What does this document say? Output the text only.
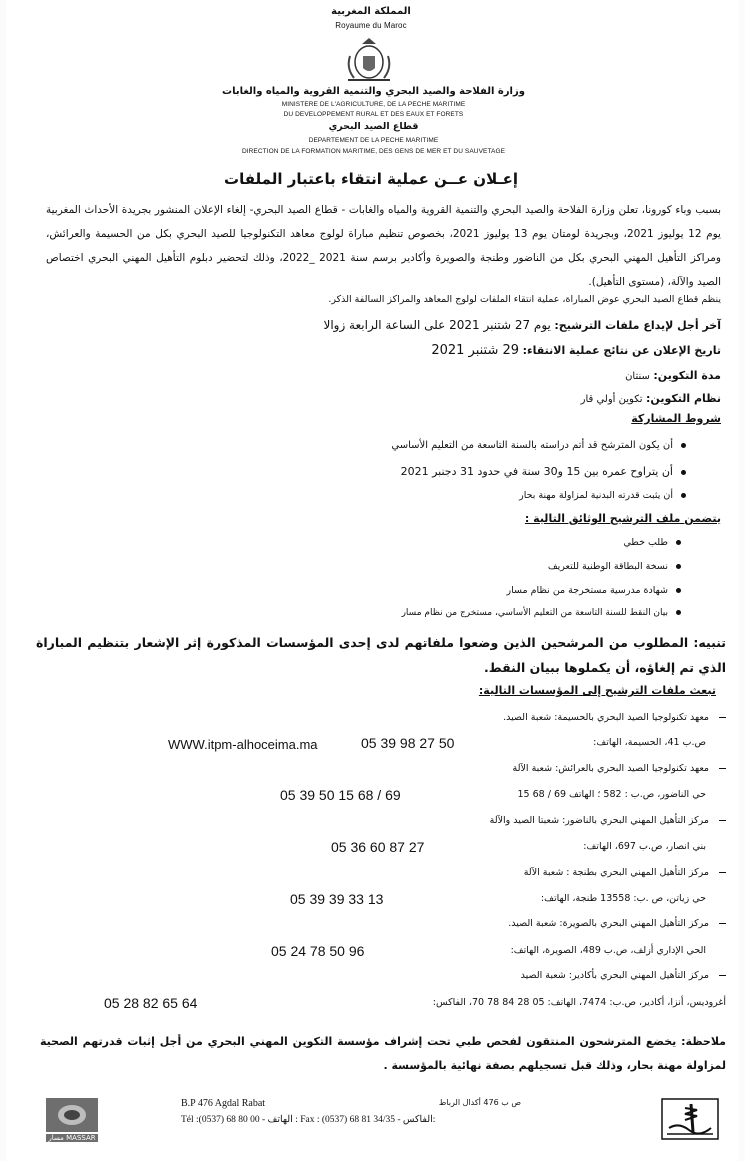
المملكة المغربية
Royaume du Maroc
وزارة الفلاحة والصيد البحري والتنمية القروية والمياه والغابات
MINISTERE DE L'AGRICULTURE, DE LA PECHE MARITIME
DU DEVELOPPEMENT RURAL ET DES EAUX ET FORETS
قطاع الصيد البحري
DEPARTEMENT DE LA PECHE MARITIME
DIRECTION DE LA FORMATION MARITIME, DES GENS DE MER ET DU SAUVETAGE
إعـلان عــن عملية انتقاء باعتبار الملفات
بسبب وباء كورونا، تعلن وزارة الفلاحة والصيد البحري والتنمية القروية والمياه والغابات - قطاع الصيد البحري- إلغاء الإعلان المنشور بجريدة الأحداث المغربية يوم 12 يوليوز 2021، وبجريدة لومتان يوم 13 يوليوز 2021، بخصوص تنظيم مباراة لولوج معاهد التكنولوجيا للصيد البحري بكل من الحسيمة والعرائش، ومراكز التأهيل المهني البحري بكل من الناضور وطنجة والصويرة وأكادير برسم سنة 2021 _2022، وذلك لتحضير دبلوم التأهيل المهني البحري اختصاص الصيد والآلة، (مستوى التأهيل).
ينظم قطاع الصيد البحري عوض المباراة، عملية انتقاء الملفات لولوج المعاهد والمراكز السالفة الذكر.
آخر أجل لإيداع ملفات الترشيح: يوم 27 شتنبر 2021 على الساعة الرابعة زوالا
تاريخ الإعلان عن نتائج عملية الانتقاء: 29 شتنبر 2021
مدة التكوين: سنتان
نظام التكوين: تكوين أولي قار
شروط المشاركة
أن يكون المترشح قد أتم دراسته بالسنة التاسعة من التعليم الأساسي
أن يتراوح عمره بين 15 و30 سنة في حدود 31 دجنبر 2021
أن يثبت قدرته البدنية لمزاولة مهنة بحار
يتضمن ملف الترشيح الوثائق التالية :
طلب خطي
نسخة البطاقة الوطنية للتعريف
شهادة مدرسية مستخرجة من نظام مسار
بيان النقط للسنة التاسعة من التعليم الأساسي، مستخرج من نظام مسار
تنبيه: المطلوب من المرشحين الذين وضعوا ملفاتهم لدى إحدى المؤسسات المذكورة إثر الإشعار بتنظيم المباراة الذي تم إلغاؤه، أن يكملوها ببيان النقط.
تبعث ملفات الترشيح إلى المؤسسات التالية:
معهد تكنولوجيا الصيد البحري بالحسيمة: شعبة الصيد.
ص.ب 41، الحسيمة، الهاتف:
05 39 98 27 50
WWW.itpm-alhoceima.ma
معهد تكنولوجيا الصيد البحري بالعرائش: شعبة الآلة
حي الناضور، ص.ب : 582 ؛ الهاتف 69 / 68 15
05 39 50 15 68 / 69
مركز التأهيل المهني البحري بالناضور: شعبتا الصيد والآلة
بني انصار، ص.ب 697، الهاتف:
05 36 60 87 27
مركز التأهيل المهني البحري بطنجة : شعبة الآلة
حي زياتن، ص .ب: 13558 طنجة، الهاتف:
05 39 39 33 13
مركز التأهيل المهني البحري بالصويرة: شعبة الصيد.
الحي الإداري أزلف، ص.ب 489، الصويرة، الهاتف:
05 24 78 50 96
مركز التأهيل المهني البحري بأكادير: شعبة الصيد
أغروديس، أنزا، أكادير، ص.ب: 7474، الهاتف: 05 28 84 78 70، الفاكس:
05 28 82 65 64
ملاحظة: يخضع المترشحون المنتقون لفحص طبي تحت إشراف مؤسسة التكوين المهني البحري من أجل إثبات قدرتهم الصحية لمزاولة مهنة بحار، وذلك قبل تسجيلهم بصفة نهائية بالمؤسسة .
مسار MASSAR
B.P 476 Agdal Rabat	ص ب 476 أكدال الرباط
Tél :(0537) 68 80 00 - الهاتف : Fax : (0537) 68 81 34/35 - الفاكس:
